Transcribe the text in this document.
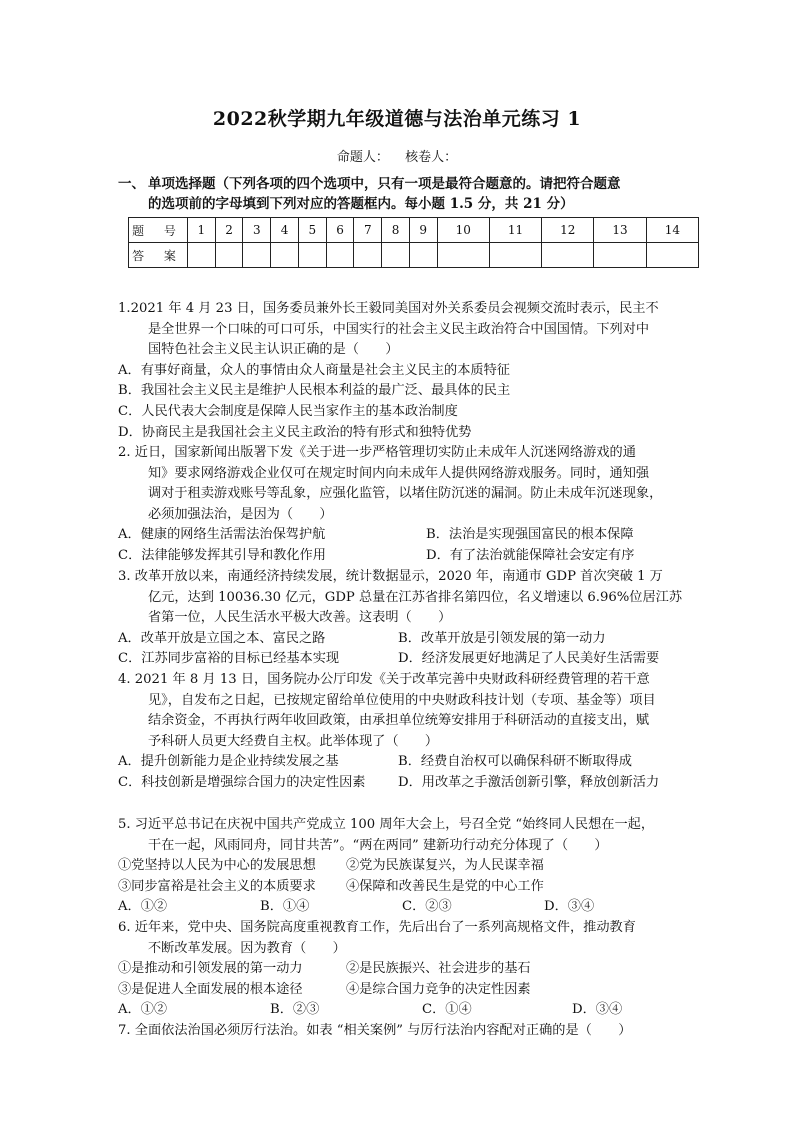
2022秋学期九年级道德与法治单元练习 1
命题人： 核卷人：
一、 单项选择题（下列各项的四个选项中，只有一项是最符合题意的。请把符合题意
的选项前的字母填到下列对应的答题框内。每小题 1.5 分，共 21 分）
题 号	1	2	3	4	5	6	7	8	9	10	11	12	13	14
答 案														

1.2021 年 4 月 23 日，国务委员兼外长王毅同美国对外关系委员会视频交流时表示，民主不

是全世界一个口味的可口可乐，中国实行的社会主义民主政治符合中国国情。下列对中

国特色社会主义民主认识正确的是（　　）

A．有事好商量，众人的事情由众人商量是社会主义民主的本质特征

B．我国社会主义民主是维护人民根本利益的最广泛、最具体的民主

C．人民代表大会制度是保障人民当家作主的基本政治制度

D．协商民主是我国社会主义民主政治的特有形式和独特优势

2. 近日，国家新闻出版署下发《关于进一步严格管理切实防止未成年人沉迷网络游戏的通

知》要求网络游戏企业仅可在规定时间内向未成年人提供网络游戏服务。同时，通知强

调对于租卖游戏账号等乱象，应强化监管，以堵住防沉迷的漏洞。防止未成年沉迷现象，

必须加强法治，是因为（　　）

A．健康的网络生活需法治保驾护航	B．法治是实现强国富民的根本保障
C．法律能够发挥其引导和教化作用	D．有了法治就能保障社会安定有序

3. 改革开放以来，南通经济持续发展，统计数据显示，2020 年，南通市 GDP 首次突破 1 万

亿元，达到 10036.30 亿元，GDP 总量在江苏省排名第四位，名义增速以 6.96%位居江苏

省第一位，人民生活水平极大改善。这表明（　　）

A．改革开放是立国之本、富民之路	B．改革开放是引领发展的第一动力
C．江苏同步富裕的目标已经基本实现	D．经济发展更好地满足了人民美好生活需要

4. 2021 年 8 月 13 日，国务院办公厅印发《关于改革完善中央财政科研经费管理的若干意

见》，自发布之日起，已按规定留给单位使用的中央财政科技计划（专项、基金等）项目

结余资金，不再执行两年收回政策，由承担单位统筹安排用于科研活动的直接支出，赋

予科研人员更大经费自主权。此举体现了（　　）

A．提升创新能力是企业持续发展之基	B．经费自治权可以确保科研不断取得成
C．科技创新是增强综合国力的决定性因素	D．用改革之手激活创新引擎，释放创新活力

5. 习近平总书记在庆祝中国共产党成立 100 周年大会上，号召全党 “始终同人民想在一起，

干在一起，风雨同舟，同甘共苦”。“两在两同” 建新功行动充分体现了（　　）

①党坚持以人民为中心的发展思想	②党为民族谋复兴，为人民谋幸福
③同步富裕是社会主义的本质要求	④保障和改善民生是党的中心工作
A．①②	B．①④	C．②③	D．③④

6. 近年来，党中央、国务院高度重视教育工作，先后出台了一系列高规格文件，推动教育

不断改革发展。因为教育（　　）

①是推动和引领发展的第一动力	②是民族振兴、社会进步的基石
③是促进人全面发展的根本途径	④是综合国力竞争的决定性因素
A．①②	B．②③	C．①④	D．③④

7. 全面依法治国必须厉行法治。如表 “相关案例” 与厉行法治内容配对正确的是（　　）
